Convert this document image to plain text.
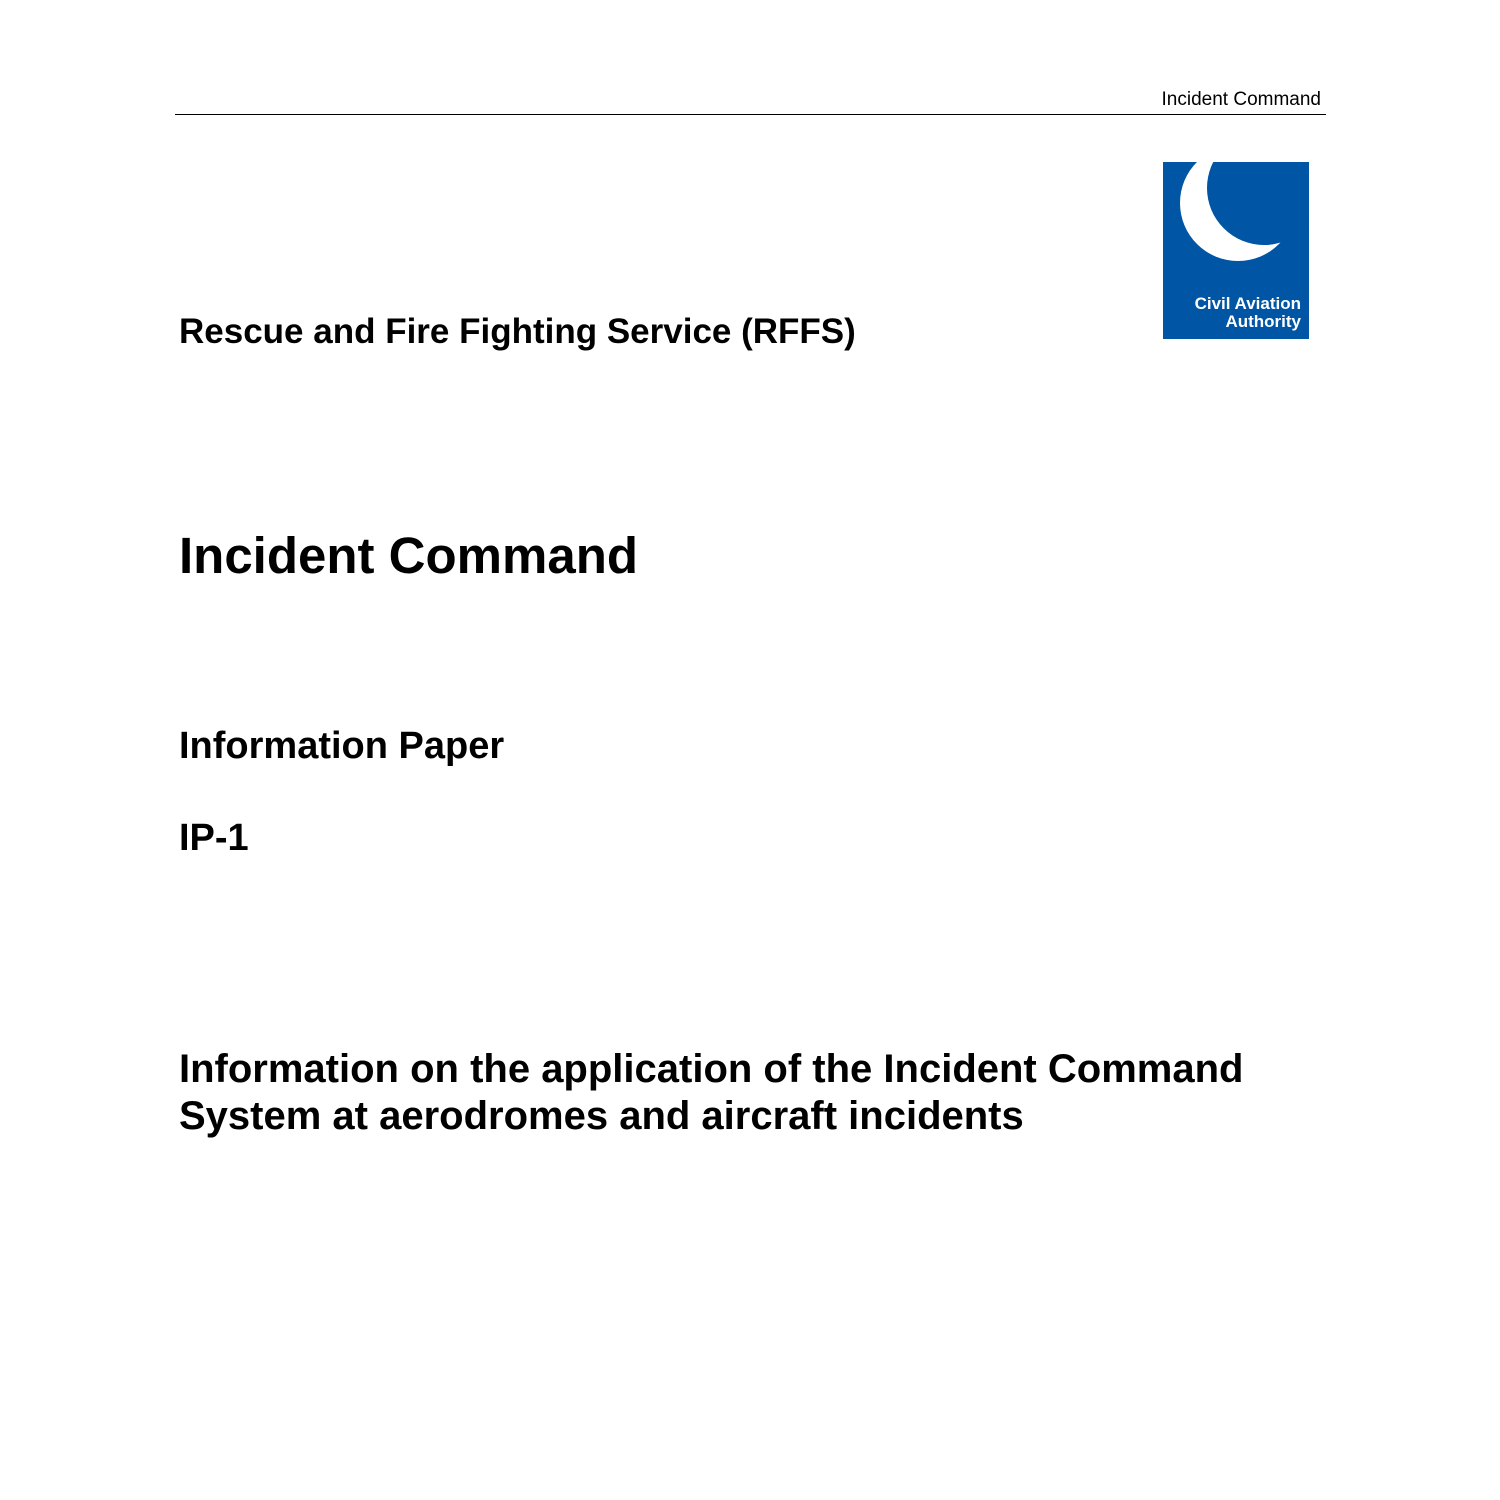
Incident Command
Civil Aviation
Authority
Rescue and Fire Fighting Service (RFFS)
Incident Command
Information Paper
IP-1
Information on the application of the Incident Command
System at aerodromes and aircraft incidents
